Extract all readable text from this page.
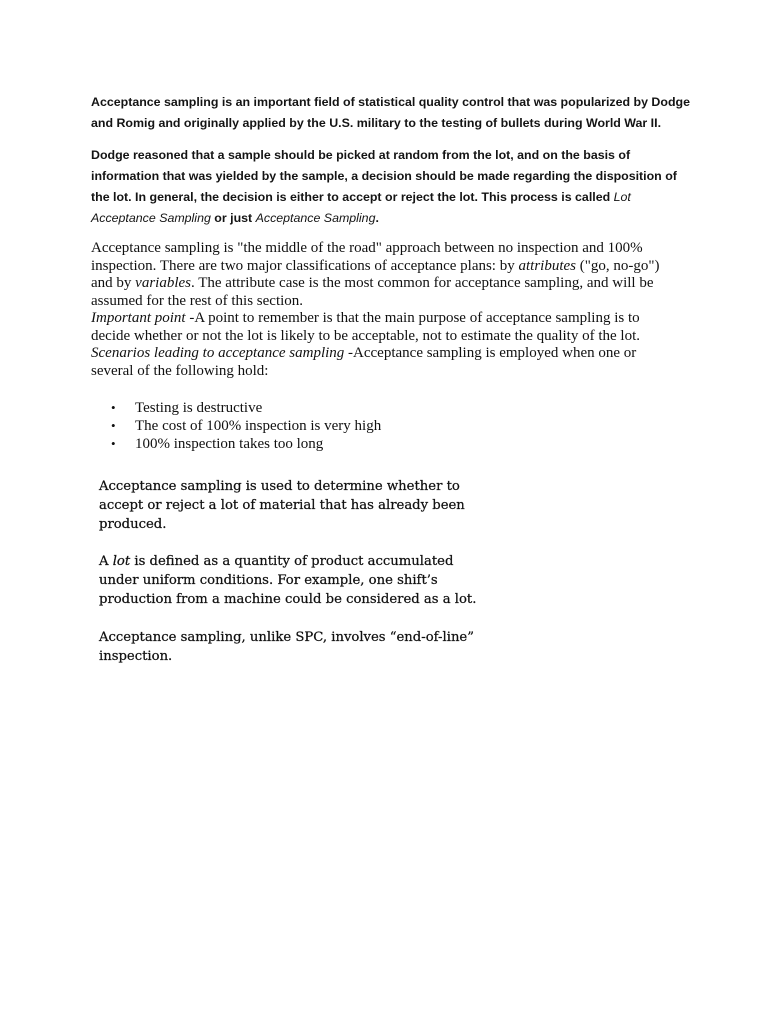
Acceptance sampling is an important field of statistical quality control that was popularized by Dodge and Romig and originally applied by the U.S. military to the testing of bullets during World War II.

Dodge reasoned that a sample should be picked at random from the lot, and on the basis of information that was yielded by the sample, a decision should be made regarding the disposition of the lot. In general, the decision is either to accept or reject the lot. This process is called Lot Acceptance Sampling or just Acceptance Sampling.

Acceptance sampling is "the middle of the road" approach between no inspection and 100% inspection. There are two major classifications of acceptance plans: by attributes ("go, no-go") and by variables. The attribute case is the most common for acceptance sampling, and will be assumed for the rest of this section.

Important point -A point to remember is that the main purpose of acceptance sampling is to decide whether or not the lot is likely to be acceptable, not to estimate the quality of the lot.

Scenarios leading to acceptance sampling -Acceptance sampling is employed when one or several of the following hold:

• Testing is destructive
• The cost of 100% inspection is very high
• 100% inspection takes too long

Acceptance sampling is used to determine whether to accept or reject a lot of material that has already been produced.

A lot is defined as a quantity of product accumulated under uniform conditions. For example, one shift’s production from a machine could be considered as a lot.

Acceptance sampling, unlike SPC, involves “end-of-line” inspection.
